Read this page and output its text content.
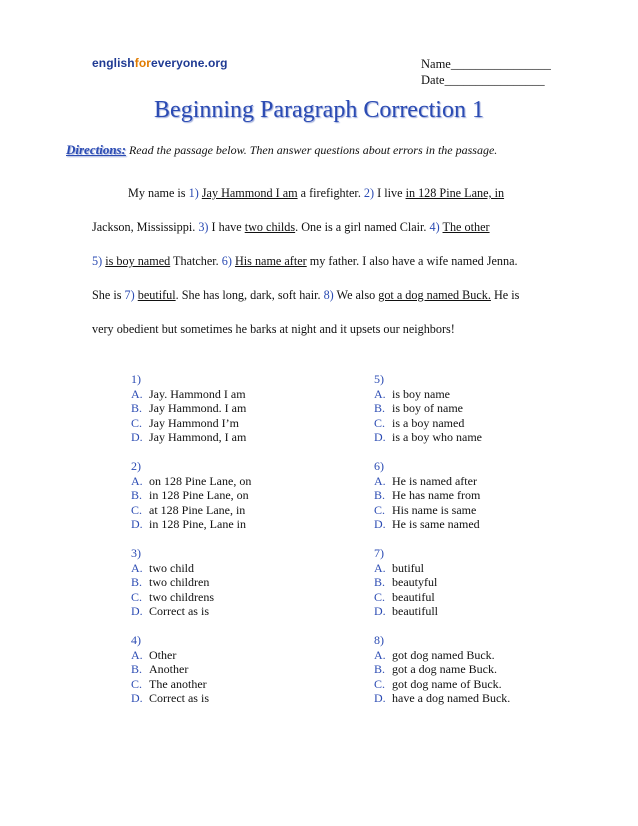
englishforeveryone.org	Name________________
Date________________
Beginning Paragraph Correction 1
Directions: Read the passage below. Then answer questions about errors in the passage.
My name is 1) Jay Hammond I am a firefighter. 2) I live in 128 Pine Lane, in
Jackson, Mississippi. 3) I have two childs. One is a girl named Clair. 4) The other
5) is boy named Thatcher. 6) His name after my father. I also have a wife named Jenna.
She is 7) beutiful. She has long, dark, soft hair. 8) We also got a dog named Buck. He is
very obedient but sometimes he barks at night and it upsets our neighbors!
1)
A. Jay. Hammond I am
B. Jay Hammond. I am
C. Jay Hammond I’m
D. Jay Hammond, I am
2)
A. on 128 Pine Lane, on
B. in 128 Pine Lane, on
C. at 128 Pine Lane, in
D. in 128 Pine, Lane in
3)
A. two child
B. two children
C. two childrens
D. Correct as is
4)
A. Other
B. Another
C. The another
D. Correct as is
5)
A. is boy name
B. is boy of name
C. is a boy named
D. is a boy who name
6)
A. He is named after
B. He has name from
C. His name is same
D. He is same named
7)
A. butiful
B. beautyful
C. beautiful
D. beautifull
8)
A. got dog named Buck.
B. got a dog name Buck.
C. got dog name of Buck.
D. have a dog named Buck.
